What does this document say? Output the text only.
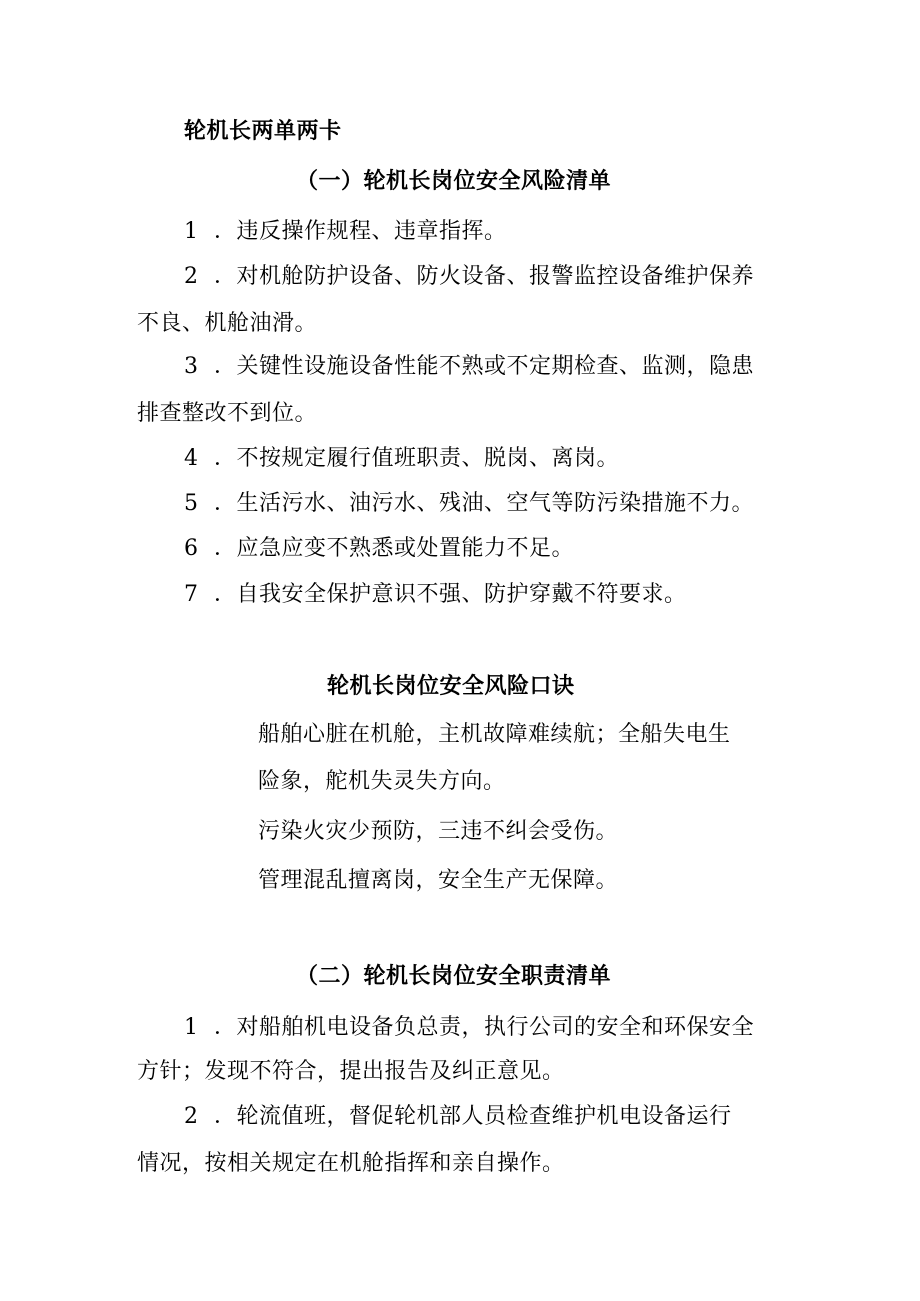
轮机长两单两卡
（一）轮机长岗位安全风险清单
1 ．违反操作规程、违章指挥。
2 ．对机舱防护设备、防火设备、报警监控设备维护保养
不良、机舱油滑。
3 ．关键性设施设备性能不熟或不定期检查、监测，隐患
排查整改不到位。
4 ．不按规定履行值班职责、脱岗、离岗。
5 ．生活污水、油污水、残油、空气等防污染措施不力。
6 ．应急应变不熟悉或处置能力不足。
7 ．自我安全保护意识不强、防护穿戴不符要求。
轮机长岗位安全风险口诀
船舶心脏在机舱，主机故障难续航；全船失电生
险象，舵机失灵失方向。
污染火灾少预防，三违不纠会受伤。
管理混乱擅离岗，安全生产无保障。
（二）轮机长岗位安全职责清单
1 ．对船舶机电设备负总责，执行公司的安全和环保安全
方针；发现不符合，提出报告及纠正意见。
2 ．轮流值班，督促轮机部人员检查维护机电设备运行
情况，按相关规定在机舱指挥和亲自操作。
